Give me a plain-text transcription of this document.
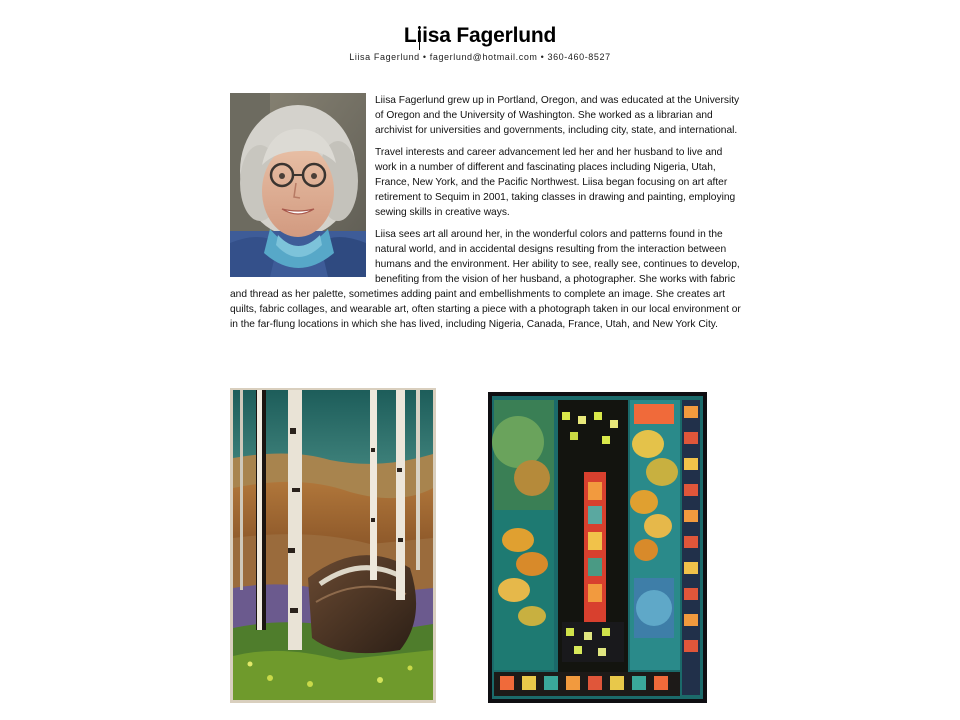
Liisa Fagerlund
Liisa Fagerlund • fagerlund@hotmail.com • 360-460-8527

Liisa Fagerlund grew up in Portland, Oregon, and was educated at the University of Oregon and the University of Washington. She worked as a librarian and archivist for universities and governments, including city, state, and international.

Travel interests and career advancement led her and her husband to live and work in a number of different and fascinating places including Nigeria, Utah, France, New York, and the Pacific Northwest. Liisa began focusing on art after retirement to Sequim in 2001, taking classes in drawing and painting, employing sewing skills in creative ways.

Liisa sees art all around her, in the wonderful colors and patterns found in the natural world, and in accidental designs resulting from the interaction between humans and the environment. Her ability to see, really see, continues to develop, benefiting from the vision of her husband, a photographer. She works with fabric and thread as her palette, sometimes adding paint and embellishments to complete an image. She creates art quilts, fabric collages, and wearable art, often starting a piece with a photograph taken in our local environment or in the far-flung locations in which she has lived, including Nigeria, Canada, France, Utah, and New York City.
